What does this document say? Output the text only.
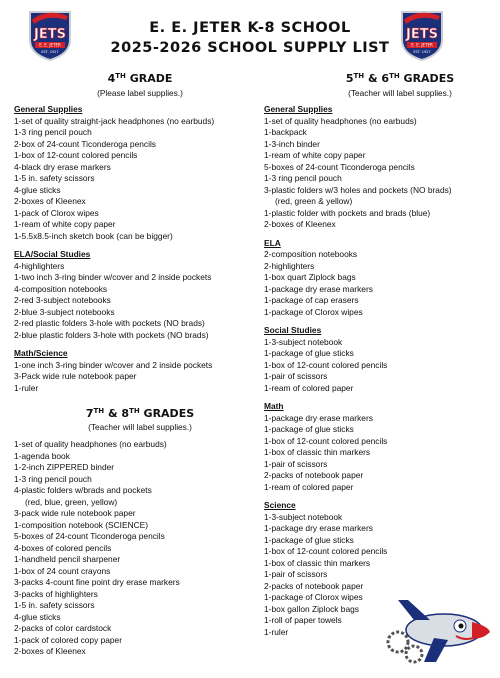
JETS
E. E. JETER
EST. 1927
JETS
E. E. JETER
EST. 1927
E. E. JETER K-8 SCHOOL
2025-2026 SCHOOL SUPPLY LIST
4TH GRADE
(Please label supplies.)
5TH & 6TH GRADES
(Teacher will label supplies.)
General Supplies
1-set of quality straight-jack headphones (no earbuds)
1-3 ring pencil pouch
2-box of 24-count Ticonderoga pencils
1-box of 12-count colored pencils
4-black dry erase markers
1-5 in. safety scissors
4-glue sticks
2-boxes of Kleenex
1-pack of Clorox wipes
1-ream of white copy paper
1-5.5x8.5-inch sketch book (can be bigger)
ELA/Social Studies
4-highlighters
1-two inch 3-ring binder w/cover and 2 inside pockets
4-composition notebooks
2-red 3-subject notebooks
2-blue 3-subject notebooks
2-red plastic folders 3-hole with pockets (NO brads)
2-blue plastic folders 3-hole with pockets (NO brads)
Math/Science
1-one inch 3-ring binder w/cover and 2 inside pockets
3-Pack wide rule notebook paper
1-ruler
7TH & 8TH GRADES
(Teacher will label supplies.)
1-set of quality headphones (no earbuds)
1-agenda book
1-2-inch ZIPPERED binder
1-3 ring pencil pouch
4-plastic folders w/brads and pockets
(red, blue, green, yellow)
3-pack wide rule notebook paper
1-composition notebook (SCIENCE)
5-boxes of 24-count Ticonderoga pencils
4-boxes of colored pencils
1-handheld pencil sharpener
1-box of 24 count crayons
3-packs 4-count fine point dry erase markers
3-packs of highlighters
1-5 in. safety scissors
4-glue sticks
2-packs of color cardstock
1-pack of colored copy paper
2-boxes of Kleenex
General Supplies
1-set of quality headphones (no earbuds)
1-backpack
1-3-inch binder
1-ream of white copy paper
5-boxes of 24-count Ticonderoga pencils
1-3 ring pencil pouch
3-plastic folders w/3 holes and pockets (NO brads)
(red, green & yellow)
1-plastic folder with pockets and brads (blue)
2-boxes of Kleenex
ELA
2-composition notebooks
2-highlighters
1-box quart Ziplock bags
1-package dry erase markers
1-package of cap erasers
1-package of Clorox wipes
Social Studies
1-3-subject notebook
1-package of glue sticks
1-box of 12-count colored pencils
1-pair of scissors
1-ream of colored paper
Math
1-package dry erase markers
1-package of glue sticks
1-box of 12-count colored pencils
1-box of classic thin markers
1-pair of scissors
2-packs of notebook paper
1-ream of colored paper
Science
1-3-subject notebook
1-package dry erase markers
1-package of glue sticks
1-box of 12-count colored pencils
1-box of classic thin markers
1-pair of scissors
2-packs of notebook paper
1-package of Clorox wipes
1-box gallon Ziplock bags
1-roll of paper towels
1-ruler
